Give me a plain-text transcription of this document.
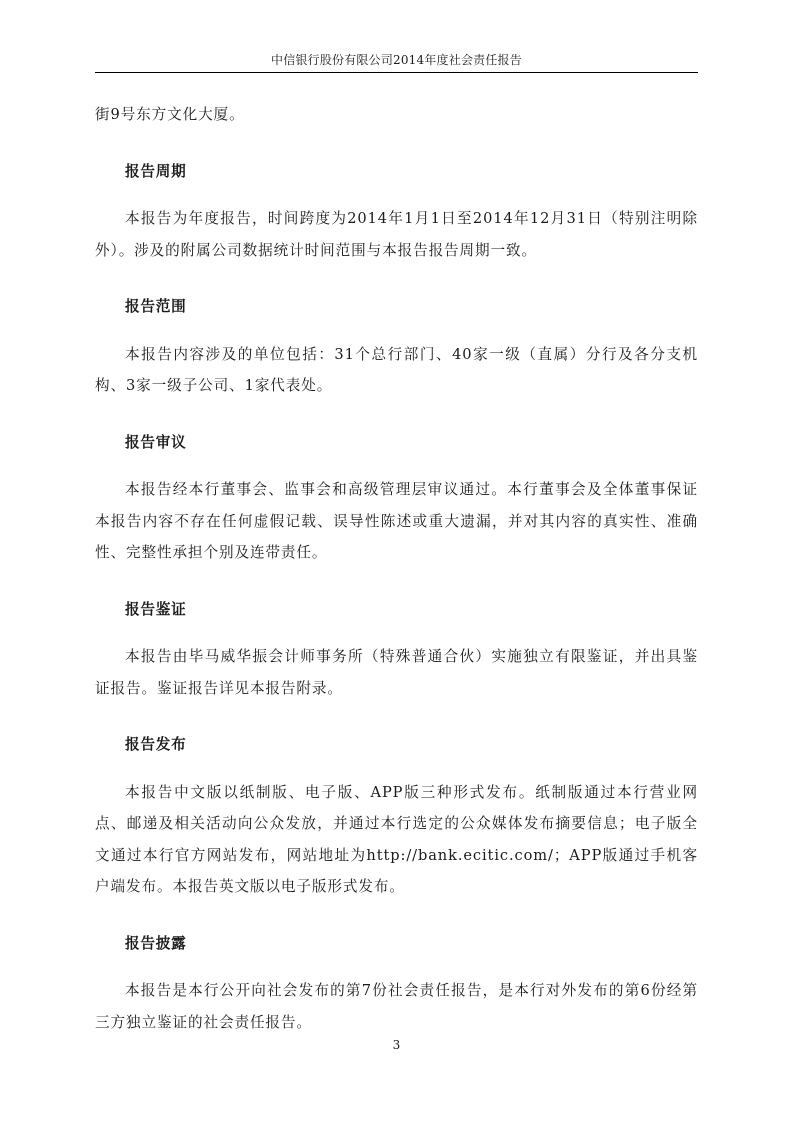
中信银行股份有限公司2014年度社会责任报告

街9号东方文化大厦。

报告周期

本报告为年度报告，时间跨度为2014年1月1日至2014年12月31日（特别注明除外）。涉及的附属公司数据统计时间范围与本报告报告周期一致。

报告范围

本报告内容涉及的单位包括：31个总行部门、40家一级（直属）分行及各分支机构、3家一级子公司、1家代表处。

报告审议

本报告经本行董事会、监事会和高级管理层审议通过。本行董事会及全体董事保证本报告内容不存在任何虚假记载、误导性陈述或重大遗漏，并对其内容的真实性、准确性、完整性承担个别及连带责任。

报告鉴证

本报告由毕马威华振会计师事务所（特殊普通合伙）实施独立有限鉴证，并出具鉴证报告。鉴证报告详见本报告附录。

报告发布

本报告中文版以纸制版、电子版、APP版三种形式发布。纸制版通过本行营业网点、邮递及相关活动向公众发放，并通过本行选定的公众媒体发布摘要信息；电子版全文通过本行官方网站发布，网站地址为http://bank.ecitic.com/；APP版通过手机客户端发布。本报告英文版以电子版形式发布。

报告披露

本报告是本行公开向社会发布的第7份社会责任报告，是本行对外发布的第6份经第三方独立鉴证的社会责任报告。

3
